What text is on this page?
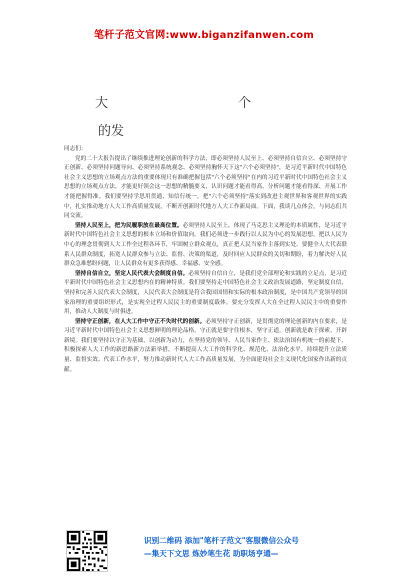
笔杆子范文官网:www.biganzifanwen.com
大	个
的发

同志们：

党的二十大报告提出了继续推进理论创新的科学方法，即必须坚持人民至上、必须坚持自信自立、必须坚持守正创新、必须坚持问题导向、必须坚持系统观念、必须坚持胸怀天下这"六个必须坚持"，是习近平新时代中国特色社会主义思想的立场观点方法的重要体现只有准确把握包括"六个必须坚持"在内的习近平新时代中国特色社会主义思想的立场观点方法，才能更好领会这一思想的精髓要义，认识问题才能看得高、分析问题才能看得深、开展工作才能把握得准。我们要坚持学思用贯通、知信行统一，把"六个必须坚持"落实到改进主观世界和客观世界的实践中，扎实推动地方人大工作高质量发展，不断开创新时代地方人大工作新局面。下面，我谈几点体会，与同志们共同交流。

坚持人民至上，把为民履职放在最高位置。必须坚持人民至上，体现了马克思主义理论的本质属性，是习近平新时代中国特色社会主义思想的根本立场和价值取向。我们必须进一步践行以人民为中心的发展思想，把以人民为中心的理念贯彻到人大工作全过程各环节，牢固树立群众观点，真正把人民当家作主落到实处。要健全人大代表联系人民群众制度，拓宽人民群众参与立法、监督、决策的渠道，及时回应人民群众的关切和期盼，着力解决好人民群众急难愁盼问题，让人民群众有更多获得感、幸福感、安全感。

坚持自信自立，坚定人民代表大会制度自信。必须坚持自信自立，是我们党全部理论和实践的立足点，是习近平新时代中国特色社会主义思想内在的精神特质。我们要坚持走中国特色社会主义政治发展道路，坚定制度自信，坚持和完善人民代表大会制度，人民代表大会制度是符合我国国情和实际的根本政治制度，是中国共产党领导的国家治理的重要组织形式，是实现全过程人民民主的重要制度载体。要充分发挥人大在全过程人民民主中的重要作用，推动人大制度与时俱进。

坚持守正创新，在人大工作中守正不失时代的创新。必须坚持守正创新，是贯彻党的理论创新的内在要求，是习近平新时代中国特色社会主义思想鲜明的理论品格。守正就是要守住根本，坚守正道，创新就是敢于探索，开辟新境。我们要坚持以守正为基础，以创新为动力，在坚持党的领导、人民当家作主、依法治国有机统一的前提下，积极探索人大工作的新思路新方法新举措，不断提高人大工作的科学化、规范化、法治化水平，持续提升立法质量、监督实效、代表工作水平，努力推动新时代人大工作高质量发展，为全面建设社会主义现代化国家作出新的贡献。

识别二维码 添加"笔杆子范文"客服微信公众号
—集天下文思 炼妙笔生花 助职场亨通—
